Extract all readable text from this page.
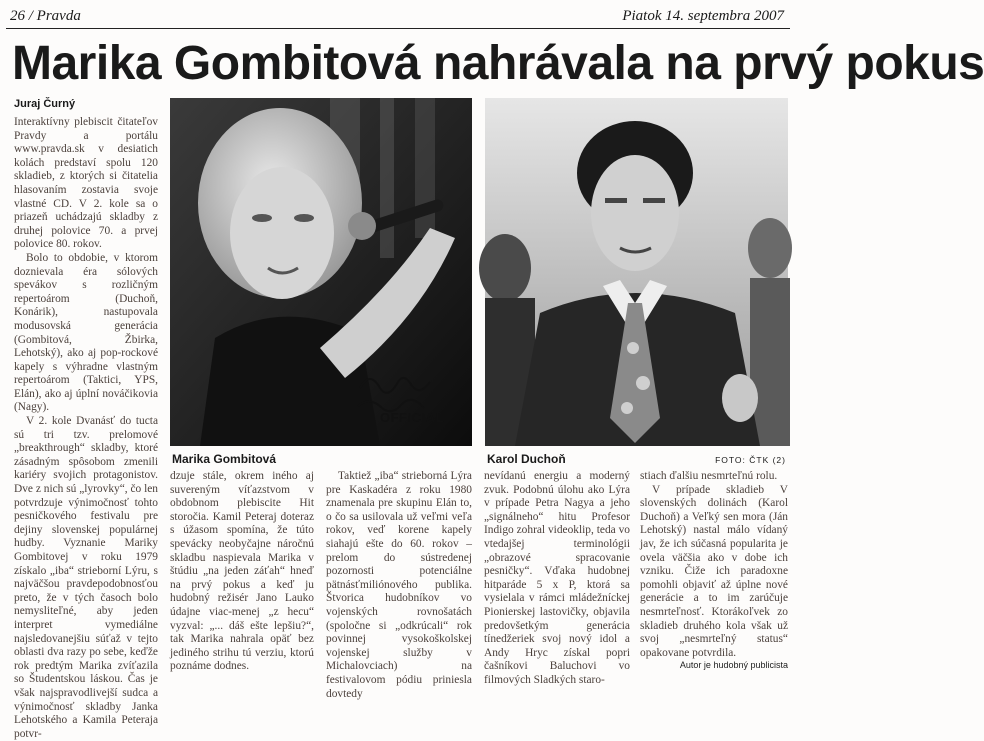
26 / Pravda	Piatok 14. septembra 2007
Marika Gombitová nahrávala na prvý pokus
Juraj Čurný

Interaktívny plebiscit čitateľov Pravdy a portálu www.pravda.sk v desiatich kolách predstaví spolu 120 skladieb, z ktorých si čitatelia hlasovaním zostavia svoje vlastné CD. V 2. kole sa o priazeň uchádzajú skladby z druhej polovice 70. a prvej polovice 80. rokov.

Bolo to obdobie, v ktorom doznievala éra sólových spevákov s rozličným repertoárom (Duchoň, Konárik), nastupovala modusovská generácia (Gombitová, Žbirka, Lehotský), ako aj pop-rockové kapely s výhradne vlastným repertoárom (Taktici, YPS, Elán), ako aj úplní nováčikovia (Nagy).

V 2. kole Dvanásť do tucta sú tri tzv. prelomové „breakthrough“ skladby, ktoré zásadným spôsobom zmenili kariéry svojich protagonistov. Dve z nich sú „lyrovky“, čo len potvrdzuje výnimočnosť tohto pesničkového festivalu pre dejiny slovenskej populárnej hudby. Vyznanie Mariky Gombitovej v roku 1979 získalo „iba“ strieborní Lýru, s najväčšou pravdepodobnosťou preto, že v tých časoch bolo nemysliteľné, aby jeden interpret vymediálne najsledovanejšiu súťaž v tejto oblasti dva razy po sebe, keďže rok predtým Marika zvíťazila so Študentskou láskou. Čas je však najspravodlivejší sudca a výnimočnosť skladby Janka Lehotského a Kamila Peteraja potvr-

OFFICIAL
Marika Gombitová	Karol Duchoň	FOTO: ČTK (2)

dzuje stále, okrem iného aj suvereným víťazstvom v obdobnom plebiscite Hit storočia. Kamil Peteraj doteraz s úžasom spomína, že túto spevácky neobyčajne náročnú skladbu naspievala Marika v štúdiu „na jeden záťah“ hneď na prvý pokus a keď ju hudobný režisér Jano Lauko údajne viac-menej „z hecu“ vyzval: „... dáš ešte lepšiu?“, tak Marika nahrala opäť bez jediného strihu tú verziu, ktorú poznáme dodnes.

Taktiež „iba“ strieborná Lýra pre Kaskadéra z roku 1980 znamenala pre skupinu Elán to, o čo sa usilovala už veľmi veľa rokov, veď korene kapely siahajú ešte do 60. rokov – prelom do sústredenej pozornosti potenciálne pätnásťmiliónového publika. Štvorica hudobníkov vo vojenských rovnošatách (spoločne si „odkrúcali“ rok povinnej vysokoškolskej vojenskej služby v Michalovciach) na festivalovom pódiu priniesla dovtedy

nevídanú energiu a moderný zvuk. Podobnú úlohu ako Lýra v prípade Petra Nagya a jeho „signálneho“ hitu Profesor Indigo zohral videoklip, teda vo vtedajšej terminológii „obrazové spracovanie pesničky“. Vďaka hudobnej hitparáde 5 x P, ktorá sa vysielala v rámci mládežníckej Pionierskej lastovičky, objavila predovšetkým generácia tínedžeriek svoj nový idol a Andy Hryc získal popri čašníkovi Baluchovi vo filmových Sladkých staro-

stiach ďalšiu nesmrteľnú rolu.

V prípade skladieb V slovenských dolinách (Karol Duchoň) a Veľký sen mora (Ján Lehotský) nastal málo vídaný jav, že ich súčasná popularita je ovela väčšia ako v dobe ich vzniku. Čiže ich paradoxne pomohli objaviť až úplne nové generácie a to im zarúčuje nesmrteľnosť. Ktorákoľvek zo skladieb druhého kola však už svoj „nesmrteľný status“ opakovane potvrdila.

Autor je hudobný publicista
